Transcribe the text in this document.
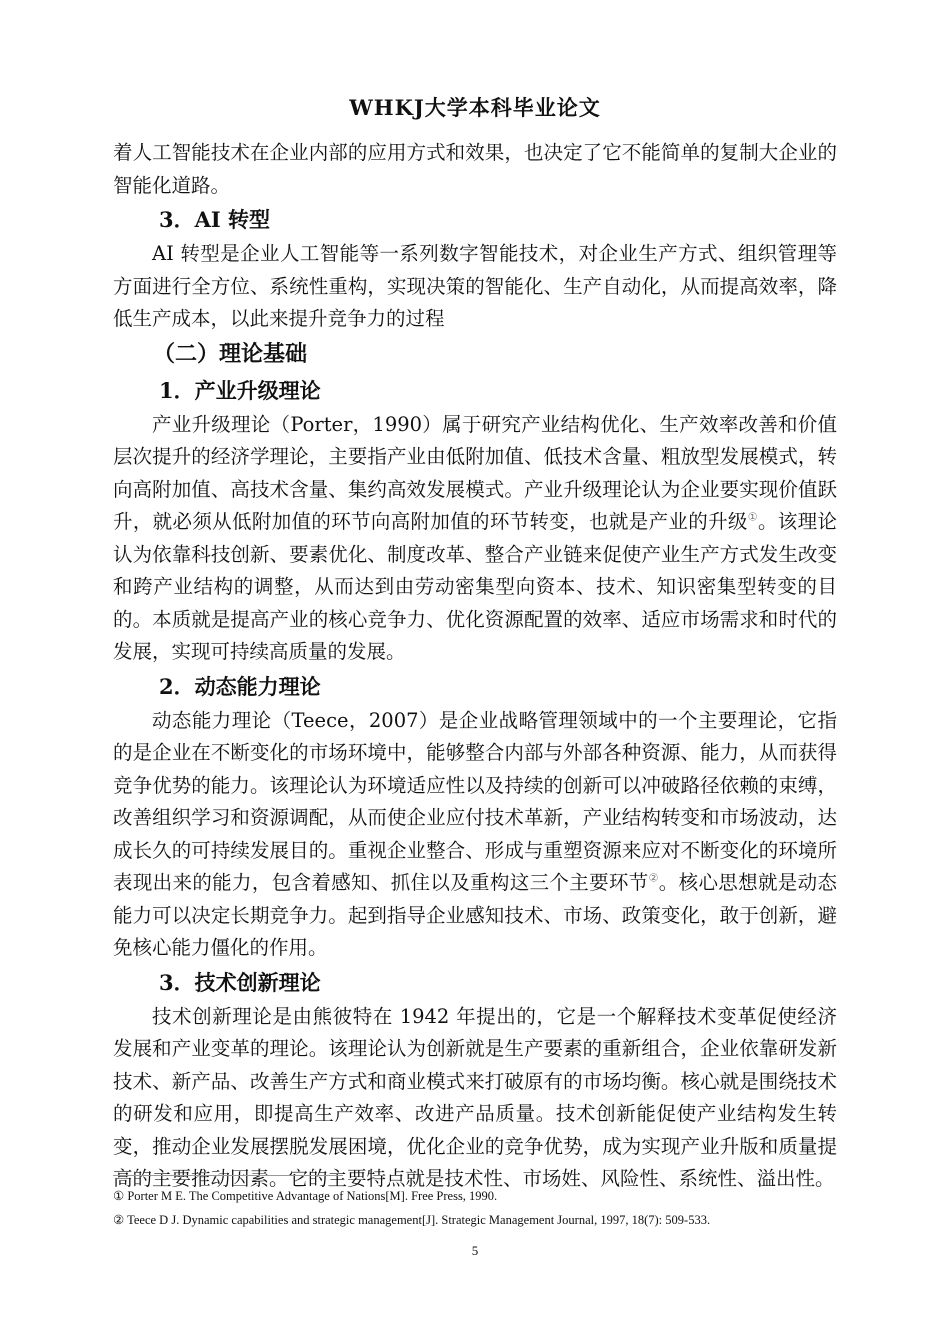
WHKJ大学本科毕业论文

着人工智能技术在企业内部的应用方式和效果，也决定了它不能简单的复制大企业的智能化道路。

3．AI 转型

AI 转型是企业人工智能等一系列数字智能技术，对企业生产方式、组织管理等方面进行全方位、系统性重构，实现决策的智能化、生产自动化，从而提高效率，降低生产成本，以此来提升竞争力的过程

（二）理论基础
1．产业升级理论

产业升级理论（Porter，1990）属于研究产业结构优化、生产效率改善和价值层次提升的经济学理论，主要指产业由低附加值、低技术含量、粗放型发展模式，转向高附加值、高技术含量、集约高效发展模式。产业升级理论认为企业要实现价值跃升，就必须从低附加值的环节向高附加值的环节转变，也就是产业的升级①。该理论认为依靠科技创新、要素优化、制度改革、整合产业链来促使产业生产方式发生改变和跨产业结构的调整，从而达到由劳动密集型向资本、技术、知识密集型转变的目的。本质就是提高产业的核心竞争力、优化资源配置的效率、适应市场需求和时代的发展，实现可持续高质量的发展。

2．动态能力理论

动态能力理论（Teece，2007）是企业战略管理领域中的一个主要理论，它指的是企业在不断变化的市场环境中，能够整合内部与外部各种资源、能力，从而获得竞争优势的能力。该理论认为环境适应性以及持续的创新可以冲破路径依赖的束缚，改善组织学习和资源调配，从而使企业应付技术革新，产业结构转变和市场波动，达成长久的可持续发展目的。重视企业整合、形成与重塑资源来应对不断变化的环境所表现出来的能力，包含着感知、抓住以及重构这三个主要环节②。核心思想就是动态能力可以决定长期竞争力。起到指导企业感知技术、市场、政策变化，敢于创新，避免核心能力僵化的作用。

3．技术创新理论

技术创新理论是由熊彼特在 1942 年提出的，它是一个解释技术变革促使经济发展和产业变革的理论。该理论认为创新就是生产要素的重新组合，企业依靠研发新技术、新产品、改善生产方式和商业模式来打破原有的市场均衡。核心就是围绕技术的研发和应用，即提高生产效率、改进产品质量。技术创新能促使产业结构发生转变，推动企业发展摆脱发展困境，优化企业的竞争优势，成为实现产业升版和质量提高的主要推动因素。它的主要特点就是技术性、市场姓、风险性、系统性、溢出性。

① Porter M E. The Competitive Advantage of Nations[M]. Free Press, 1990.

② Teece D J. Dynamic capabilities and strategic management[J]. Strategic Management Journal, 1997, 18(7): 509-533.

5
